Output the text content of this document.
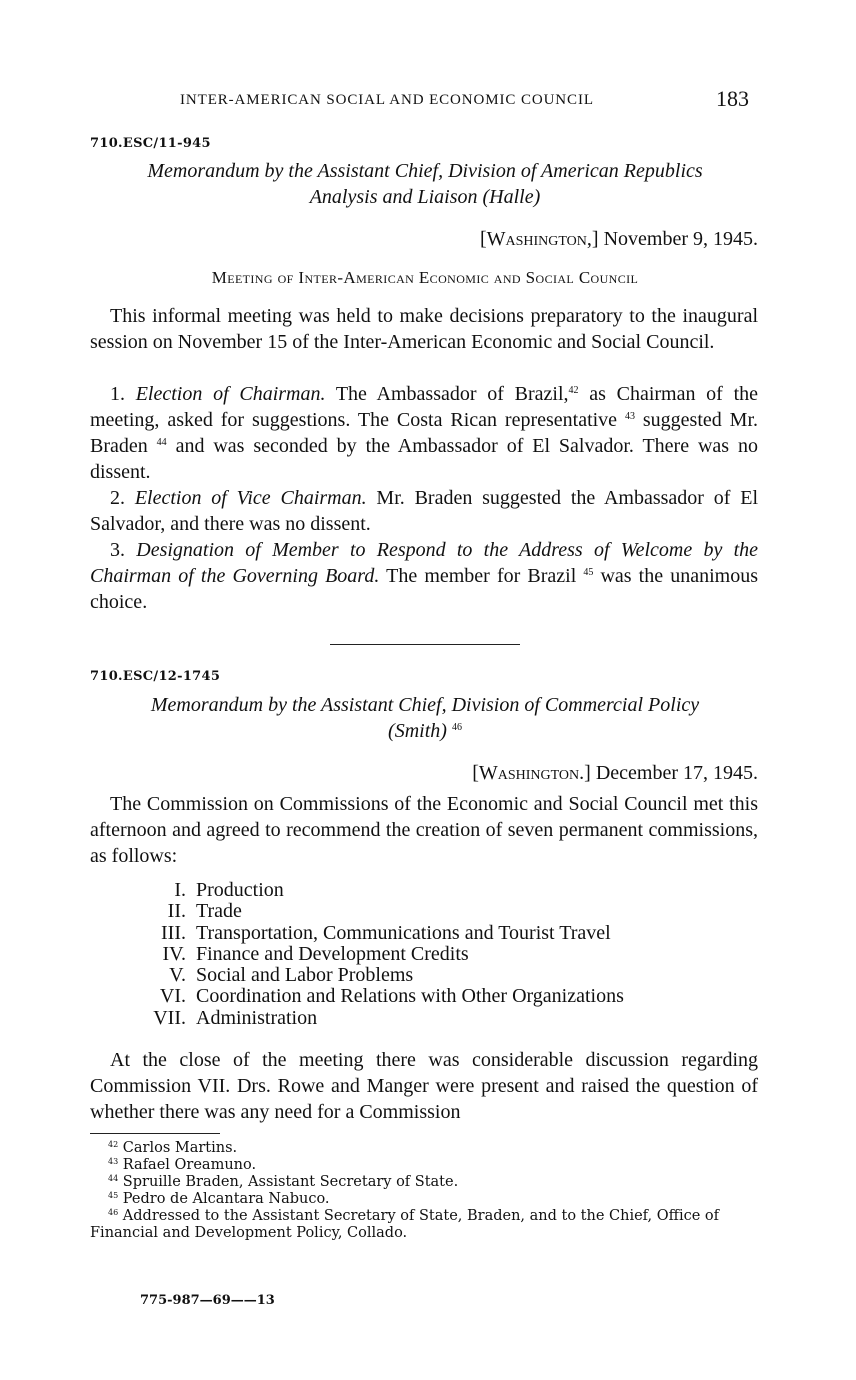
INTER-AMERICAN SOCIAL AND ECONOMIC COUNCIL	183
710.ESC/11-945
Memorandum by the Assistant Chief, Division of American Republics
Analysis and Liaison (Halle)
[Washington,] November 9, 1945.
Meeting of Inter-American Economic and Social Council
This informal meeting was held to make decisions preparatory to the inaugural session on November 15 of the Inter-American Economic and Social Council.
1. Election of Chairman. The Ambassador of Brazil,$^{42}$ as Chairman of the meeting, asked for suggestions. The Costa Rican representative $^{43}$ suggested Mr. Braden $^{44}$ and was seconded by the Ambassador of El Salvador. There was no dissent.
2. Election of Vice Chairman. Mr. Braden suggested the Ambassador of El Salvador, and there was no dissent.
3. Designation of Member to Respond to the Address of Welcome by the Chairman of the Governing Board. The member for Brazil $^{45}$ was the unanimous choice.
710.ESC/12-1745
Memorandum by the Assistant Chief, Division of Commercial Policy
(Smith) $^{46}$
[Washington.] December 17, 1945.
The Commission on Commissions of the Economic and Social Council met this afternoon and agreed to recommend the creation of seven permanent commissions, as follows:
I. Production
II. Trade
III. Transportation, Communications and Tourist Travel
IV. Finance and Development Credits
V. Social and Labor Problems
VI. Coordination and Relations with Other Organizations
VII. Administration
At the close of the meeting there was considerable discussion regarding Commission VII. Drs. Rowe and Manger were present and raised the question of whether there was any need for a Commission
$^{42}$ Carlos Martins.
$^{43}$ Rafael Oreamuno.
$^{44}$ Spruille Braden, Assistant Secretary of State.
$^{45}$ Pedro de Alcantara Nabuco.
$^{46}$ Addressed to the Assistant Secretary of State, Braden, and to the Chief, Office of Financial and Development Policy, Collado.
775-987—69——13
